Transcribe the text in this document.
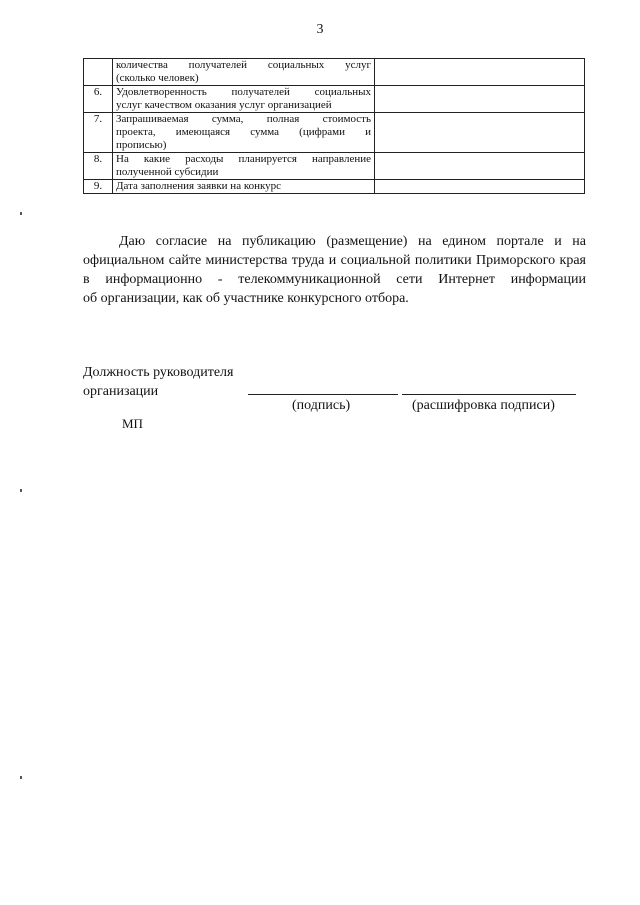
3

	количества получателей социальных услуг
(сколько человек)	

6.	Удовлетворенность получателей социальных
услуг качеством оказания услуг организацией	

7.	Запрашиваемая сумма, полная стоимость
проекта, имеющаяся сумма (цифрами и
прописью)	

8.	На какие расходы планируется направление
полученной субсидии	

9.	Дата заполнения заявки на конкурс	

Даю согласие на публикацию (размещение) на едином портале и на
официальном сайте министерства труда и социальной политики Приморского края
в информационно - телекоммуникационной сети Интернет информации
об организации, как об участнике конкурсного отбора.
Должность руководителя
организации
(подпись)	(расшифровка подписи)
МП
